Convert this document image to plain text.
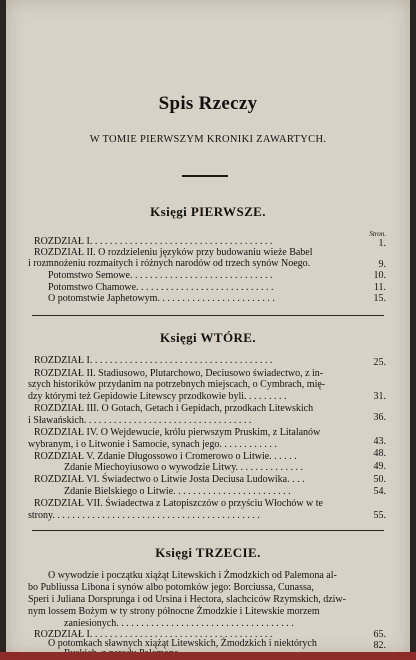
Spis Rzeczy
W TOMIE PIERWSZYM KRONIKI ZAWARTYCH.
Księgi PIERWSZE.
Stron.
ROZDZIAŁ I. . . . . . . . . . . . . . . . . . . . . . . . . . . . . . . . . . . . .
ROZDZIAŁ II. O rozdzieleniu języków przy budowaniu wieże Babel
i rozmnożeniu rozmaitych i różnych narodów od trzech synów Noego.
Potomstwo Semowe. . . . . . . . . . . . . . . . . . . . . . . . . . . . .
Potomstwo Chamowe. . . . . . . . . . . . . . . . . . . . . . . . . . . .
O potomstwie Japhetowym. . . . . . . . . . . . . . . . . . . . . . . .
1.
9.
10.
11.
15.
Księgi WTÓRE.
ROZDZIAŁ I. . . . . . . . . . . . . . . . . . . . . . . . . . . . . . . . . . . . .
ROZDZIAŁ II. Stadiusowo, Plutarchowo, Deciusowo świadectwo, z in-
szych historików przydanim na potrzebnych miejscach, o Cymbrach, mię-
dzy którymi też Gepidowie Litewscy przodkowie byli. . . . . . . . .
ROZDZIAŁ III. O Gotach, Getach i Gepidach, przodkach Litewskich
i Sławańskich. . . . . . . . . . . . . . . . . . . . . . . . . . . . . . . . . .
ROZDZIAŁ IV. O Wejdewucie, królu pierwszym Pruskim, z Litalanów
wybranym, i o Litwonie i Samocie, synach jego. . . . . . . . . . . .
ROZDZIAŁ V. Zdanie Długossowo i Cromerowo o Litwie. . . . . .
Zdanie Miechoyiusowo o wywodzie Litwy. . . . . . . . . . . . . .
ROZDZIAŁ VI. Świadectwo o Litwie Josta Deciusa Ludowika. . . .
Zdanie Bielskiego o Litwie. . . . . . . . . . . . . . . . . . . . . . . .
ROZDZIAŁ VII. Świadectwa z Latopiszczów o przyściu Włochów w te
strony. . . . . . . . . . . . . . . . . . . . . . . . . . . . . . . . . . . . . . . . . .
25.
31.
36.
43.
48.
49.
50.
54.
55.
Księgi TRZECIE.
O wywodzie i początku xiążąt Litewskich i Żmodzkich od Palemona al-
bo Publiussa Libona i synów albo potomków jego: Borciussa, Cunassa,
Speri i Juliana Dorsprunga i od Ursina i Hectora, slachciców Rzymskich, dziw-
nym lossem Bożym w ty strony północne Żmodzkie i Litewskie morzem
zaniesionych. . . . . . . . . . . . . . . . . . . . . . . . . . . . . . . . . . . .
ROZDZIAŁ I. . . . . . . . . . . . . . . . . . . . . . . . . . . . . . . . . . . . .
O potomkach sławnych xiążąt Litewskich, Żmodzkich i niektórych
65.
82.
